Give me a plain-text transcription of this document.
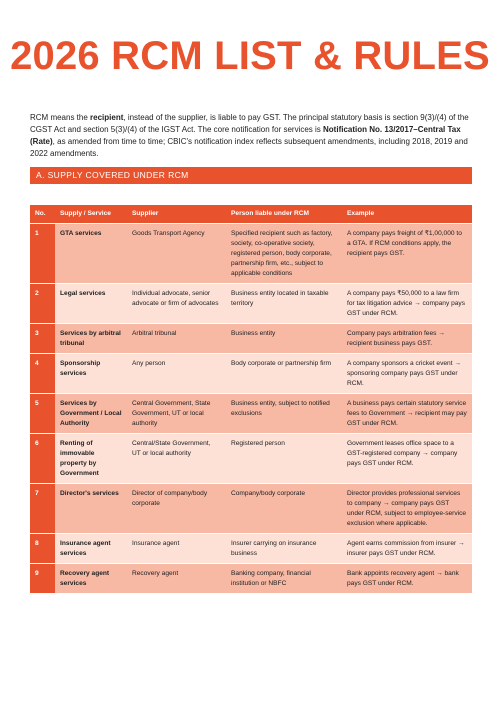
2026 RCM LIST & RULES
RCM means the recipient, instead of the supplier, is liable to pay GST. The principal statutory basis is section 9(3)/(4) of the CGST Act and section 5(3)/(4) of the IGST Act. The core notification for services is Notification No. 13/2017–Central Tax (Rate), as amended from time to time; CBIC's notification index reflects subsequent amendments, including 2018, 2019 and 2022 amendments.
A. SUPPLY COVERED UNDER RCM
No.	Supply / Service	Supplier	Person liable under RCM	Example
1	GTA services	Goods Transport Agency	Specified recipient such as factory, society, co-operative society, registered person, body corporate, partnership firm, etc., subject to applicable conditions	A company pays freight of ₹1,00,000 to a GTA. If RCM conditions apply, the recipient pays GST.
2	Legal services	Individual advocate, senior advocate or firm of advocates	Business entity located in taxable territory	A company pays ₹50,000 to a law firm for tax litigation advice → company pays GST under RCM.
3	Services by arbitral tribunal	Arbitral tribunal	Business entity	Company pays arbitration fees → recipient business pays GST.
4	Sponsorship services	Any person	Body corporate or partnership firm	A company sponsors a cricket event → sponsoring company pays GST under RCM.
5	Services by Government / Local Authority	Central Government, State Government, UT or local authority	Business entity, subject to notified exclusions	A business pays certain statutory service fees to Government → recipient may pay GST under RCM.
6	Renting of immovable property by Government	Central/State Government, UT or local authority	Registered person	Government leases office space to a GST-registered company → company pays GST under RCM.
7	Director's services	Director of company/body corporate	Company/body corporate	Director provides professional services to company → company pays GST under RCM, subject to employee-service exclusion where applicable.
8	Insurance agent services	Insurance agent	Insurer carrying on insurance business	Agent earns commission from insurer → insurer pays GST under RCM.
9	Recovery agent services	Recovery agent	Banking company, financial institution or NBFC	Bank appoints recovery agent → bank pays GST under RCM.
